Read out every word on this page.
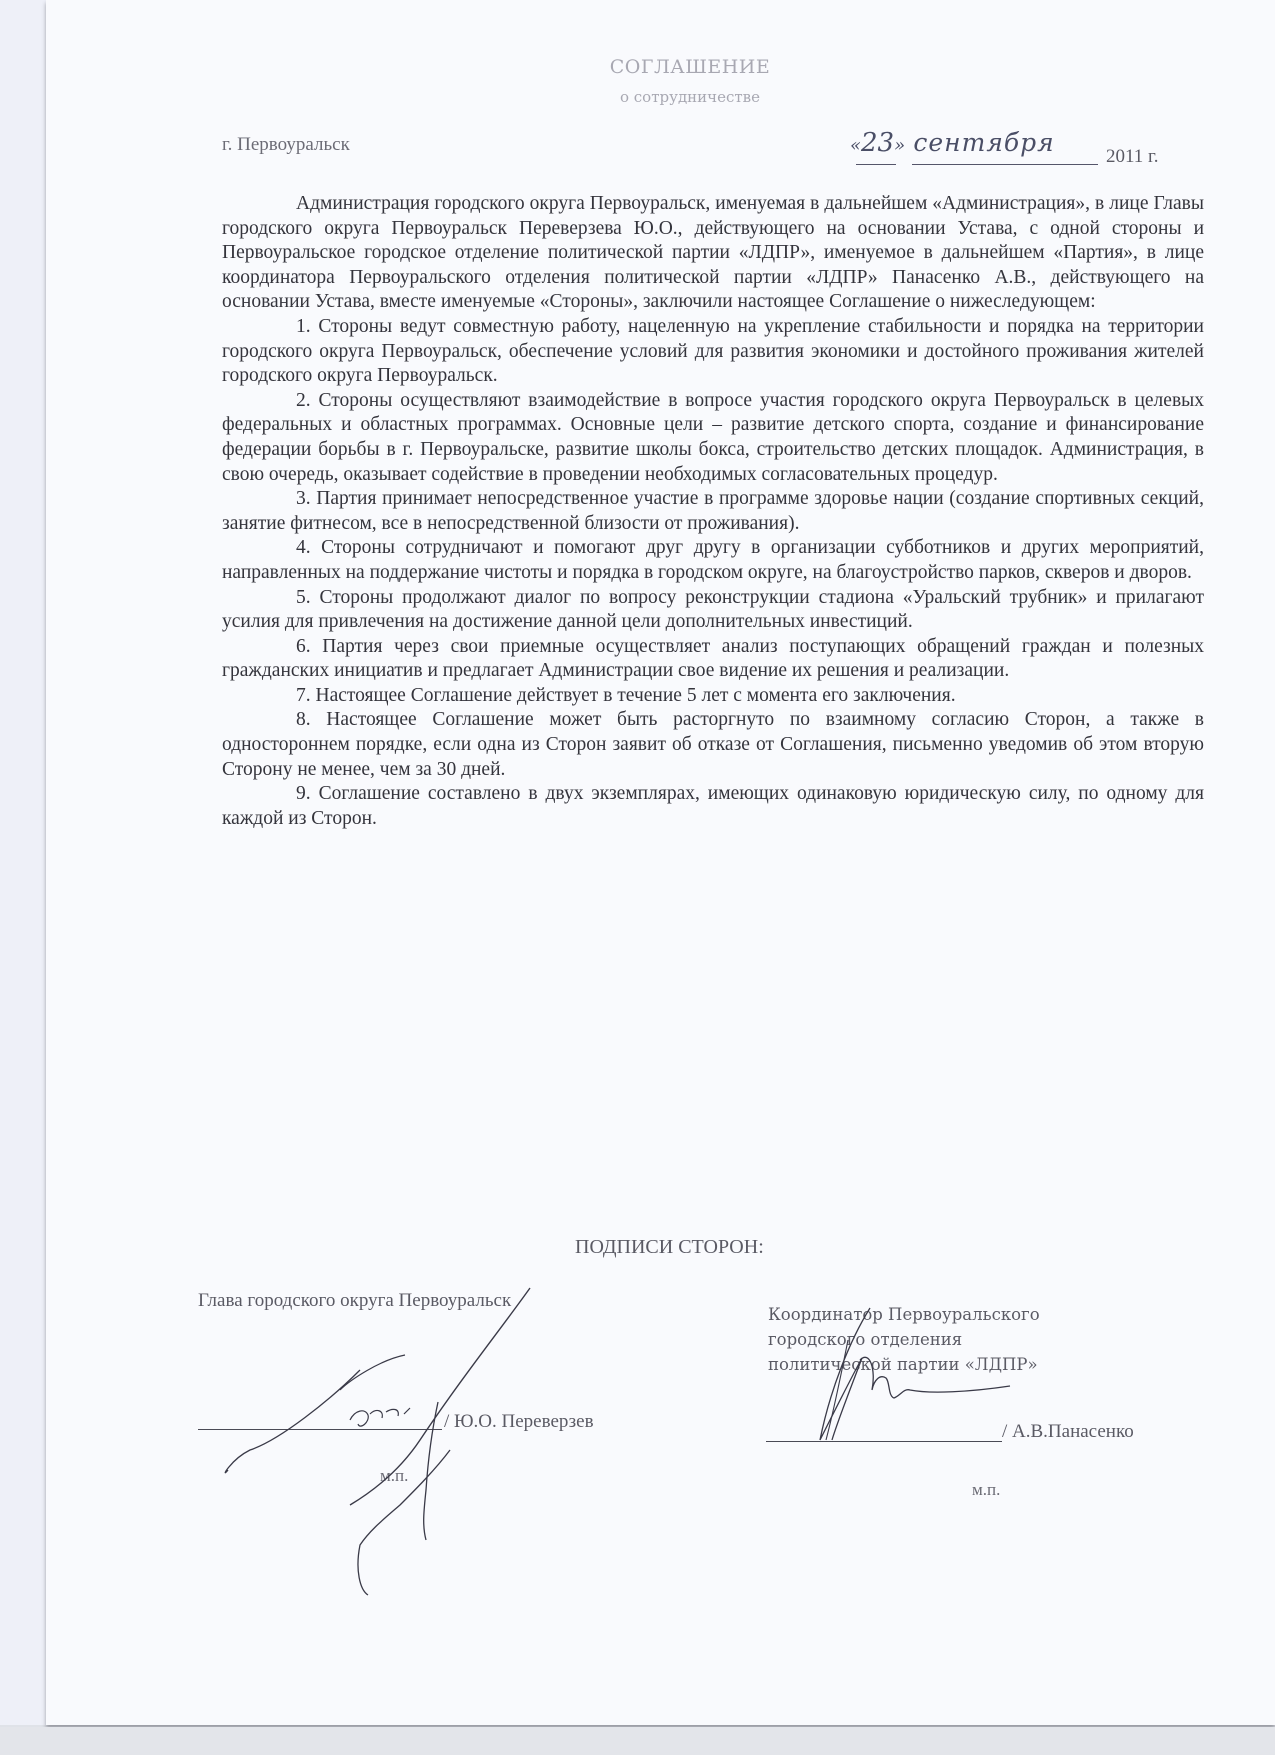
СОГЛАШЕНИЕ
о сотрудничестве
г. Первоуральск	«23» сентября	2011 г.

Администрация городского округа Первоуральск, именуемая в дальнейшем «Администрация», в лице Главы городского округа Первоуральск Переверзева Ю.О., действующего на основании Устава, с одной стороны и Первоуральское городское отделение политической партии «ЛДПР», именуемое в дальнейшем «Партия», в лице координатора Первоуральского отделения политической партии «ЛДПР» Панасенко А.В., действующего на основании Устава, вместе именуемые «Стороны», заключили настоящее Соглашение о нижеследующем:

1. Стороны ведут совместную работу, нацеленную на укрепление стабильности и порядка на территории городского округа Первоуральск, обеспечение условий для развития экономики и достойного проживания жителей городского округа Первоуральск.

2. Стороны осуществляют взаимодействие в вопросе участия городского округа Первоуральск в целевых федеральных и областных программах. Основные цели – развитие детского спорта, создание и финансирование федерации борьбы в г. Первоуральске, развитие школы бокса, строительство детских площадок. Администрация, в свою очередь, оказывает содействие в проведении необходимых согласовательных процедур.

3. Партия принимает непосредственное участие в программе здоровье нации (создание спортивных секций, занятие фитнесом, все в непосредственной близости от проживания).

4. Стороны сотрудничают и помогают друг другу в организации субботников и других мероприятий, направленных на поддержание чистоты и порядка в городском округе, на благоустройство парков, скверов и дворов.

5. Стороны продолжают диалог по вопросу реконструкции стадиона «Уральский трубник» и прилагают усилия для привлечения на достижение данной цели дополнительных инвестиций.

6. Партия через свои приемные осуществляет анализ поступающих обращений граждан и полезных гражданских инициатив и предлагает Администрации свое видение их решения и реализации.

7. Настоящее Соглашение действует в течение 5 лет с момента его заключения.

8. Настоящее Соглашение может быть расторгнуто по взаимному согласию Сторон, а также в одностороннем порядке, если одна из Сторон заявит об отказе от Соглашения, письменно уведомив об этом вторую Сторону не менее, чем за 30 дней.

9. Соглашение составлено в двух экземплярах, имеющих одинаковую юридическую силу, по одному для каждой из Сторон.

ПОДПИСИ СТОРОН:
Глава городского округа Первоуральск
Координатор Первоуральского
городского отделения
политической партии «ЛДПР»
/ Ю.О. Переверзев
м.п.
/ А.В.Панасенко
м.п.
